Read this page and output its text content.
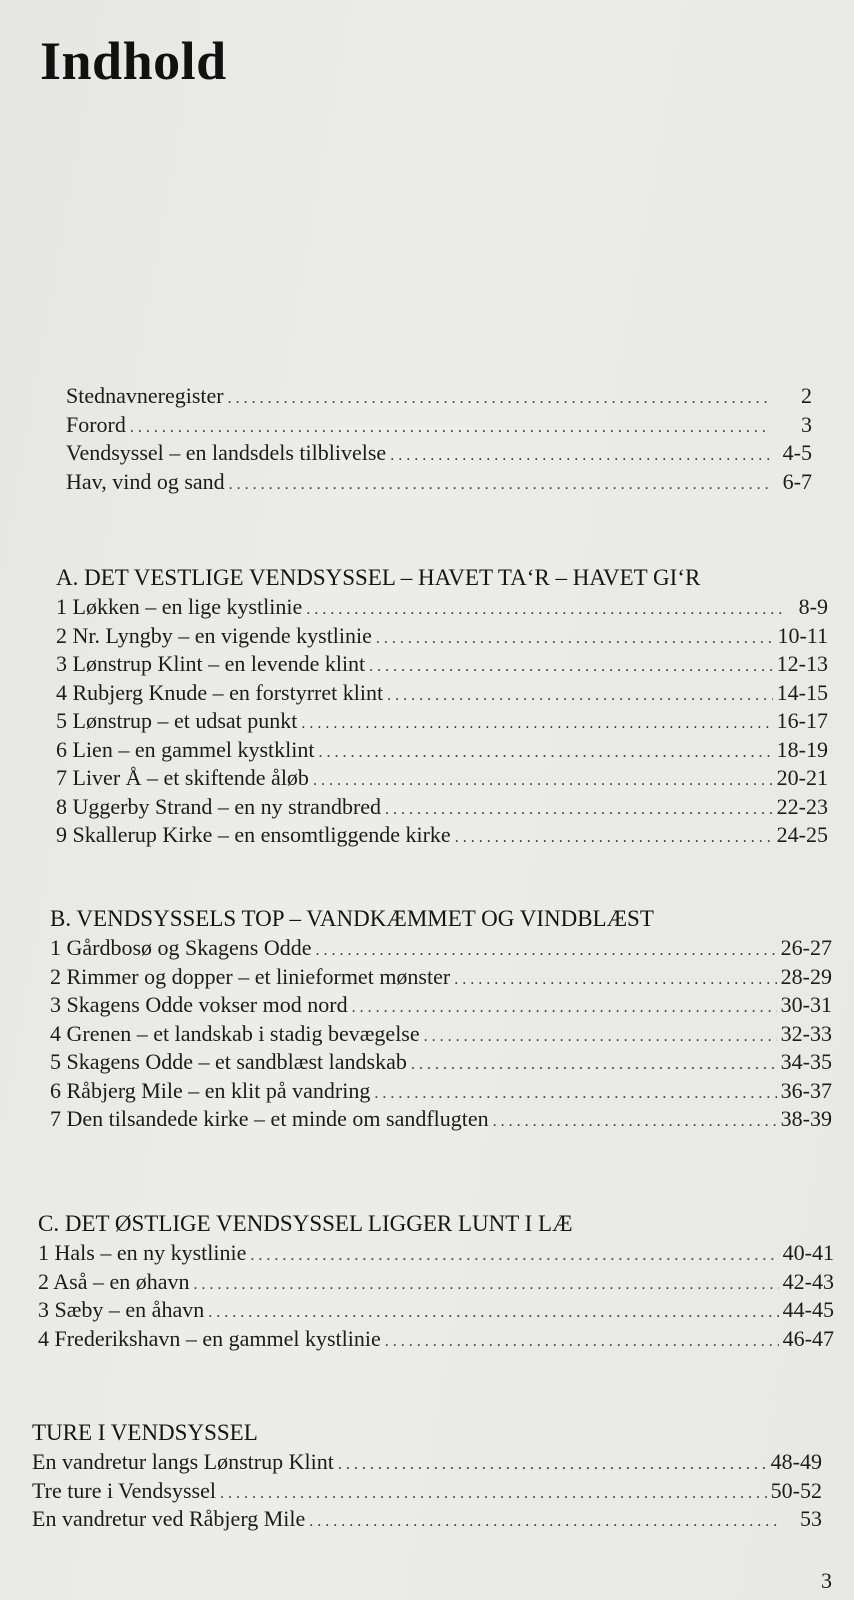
Indhold
Stednavneregister . . .	2
Forord . . .	3
Vendsyssel – en landsdels tilblivelse . . .	4-5
Hav, vind og sand . . .	6-7
A. DET VESTLIGE VENDSYSSEL – HAVET TA‘R – HAVET GI‘R
1 Løkken – en lige kystlinie . . .	8-9
2 Nr. Lyngby – en vigende kystlinie . . .	10-11
3 Lønstrup Klint – en levende klint . . .	12-13
4 Rubjerg Knude – en forstyrret klint . . .	14-15
5 Lønstrup – et udsat punkt . . .	16-17
6 Lien – en gammel kystklint . . .	18-19
7 Liver Å – et skiftende åløb . . .	20-21
8 Uggerby Strand – en ny strandbred . . .	22-23
9 Skallerup Kirke – en ensomtliggende kirke . . .	24-25
B. VENDSYSSELS TOP – VANDKÆMMET OG VINDBLÆST
1 Gårdbosø og Skagens Odde . . .	26-27
2 Rimmer og dopper – et linieformet mønster . . .	28-29
3 Skagens Odde vokser mod nord . . .	30-31
4 Grenen – et landskab i stadig bevægelse . . .	32-33
5 Skagens Odde – et sandblæst landskab . . .	34-35
6 Råbjerg Mile – en klit på vandring . . .	36-37
7 Den tilsandede kirke – et minde om sandflugten . . .	38-39
C. DET ØSTLIGE VENDSYSSEL LIGGER LUNT I LÆ
1 Hals – en ny kystlinie . . .	40-41
2 Aså – en øhavn . . .	42-43
3 Sæby – en åhavn . . .	44-45
4 Frederikshavn – en gammel kystlinie . . .	46-47
TURE I VENDSYSSEL
En vandretur langs Lønstrup Klint . . .	48-49
Tre ture i Vendsyssel . . .	50-52
En vandretur ved Råbjerg Mile . . .	53
3
